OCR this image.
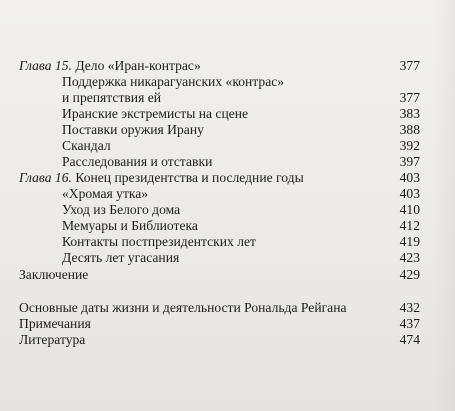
Глава 15. Дело «Иран-контрас»	377
Поддержка никарагуанских «контрас»
и препятствия ей	377
Иранские экстремисты на сцене	383
Поставки оружия Ирану	388
Скандал	392
Расследования и отставки	397
Глава 16. Конец президентства и последние годы	403
«Хромая утка»	403
Уход из Белого дома	410
Мемуары и Библиотека	412
Контакты постпрезидентских лет	419
Десять лет угасания	423
Заключение	429
Основные даты жизни и деятельности Рональда Рейгана	432
Примечания	437
Литература	474
